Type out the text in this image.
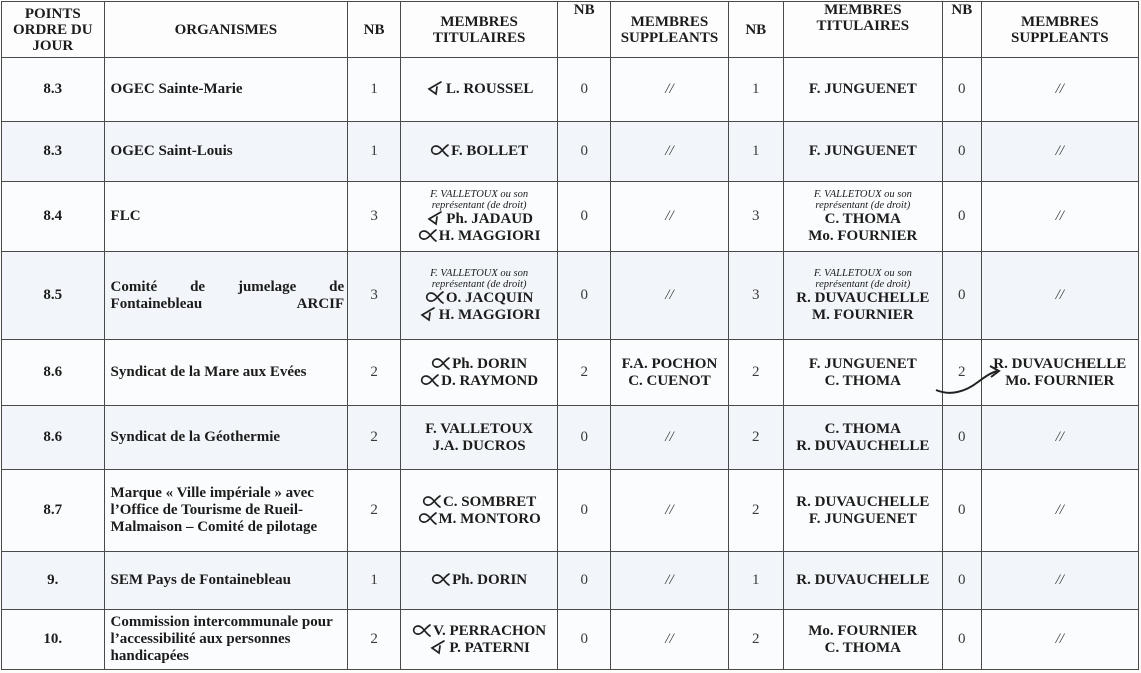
POINTS ORDRE DU JOUR	ORGANISMES	NB	MEMBRES TITULAIRES	NB	MEMBRES SUPPLEANTS	NB	MEMBRES TITULAIRES	NB	MEMBRES SUPPLEANTS
8.3	OGEC Sainte-Marie	1	L. ROUSSEL	0	//	1	F. JUNGUENET	0	//

8.3	OGEC Saint-Louis	1	F. BOLLET	0	//	1	F. JUNGUENET	0	//

8.4	FLC	3	F. VALLETOUX ou son représentant (de droit)
Ph. JADAUD
H. MAGGIORI	0	//	3	F. VALLETOUX ou son représentant (de droit)
C. THOMA
Mo. FOURNIER	0	//

8.5	Comité de jumelage de Fontainebleau ARCIF	3	F. VALLETOUX ou son représentant (de droit)
O. JACQUIN
H. MAGGIORI	0	//	3	F. VALLETOUX ou son représentant (de droit)
R. DUVAUCHELLE
M. FOURNIER	0	//

8.6	Syndicat de la Mare aux Evées	2	Ph. DORIN
D. RAYMOND	2	F.A. POCHON
C. CUENOT	2	F. JUNGUENET
C. THOMA	2	R. DUVAUCHELLE
Mo. FOURNIER

8.6	Syndicat de la Géothermie	2	F. VALLETOUX
J.A. DUCROS	0	//	2	C. THOMA
R. DUVAUCHELLE	0	//

8.7	Marque « Ville impériale » avec l’Office de Tourisme de Rueil-Malmaison – Comité de pilotage	2	C. SOMBRET
M. MONTORO	0	//	2	R. DUVAUCHELLE
F. JUNGUENET	0	//

9.	SEM Pays de Fontainebleau	1	Ph. DORIN	0	//	1	R. DUVAUCHELLE	0	//

10.	Commission intercommunale pour l’accessibilité aux personnes handicapées	2	V. PERRACHON
P. PATERNI	0	//	2	Mo. FOURNIER
C. THOMA	0	//
